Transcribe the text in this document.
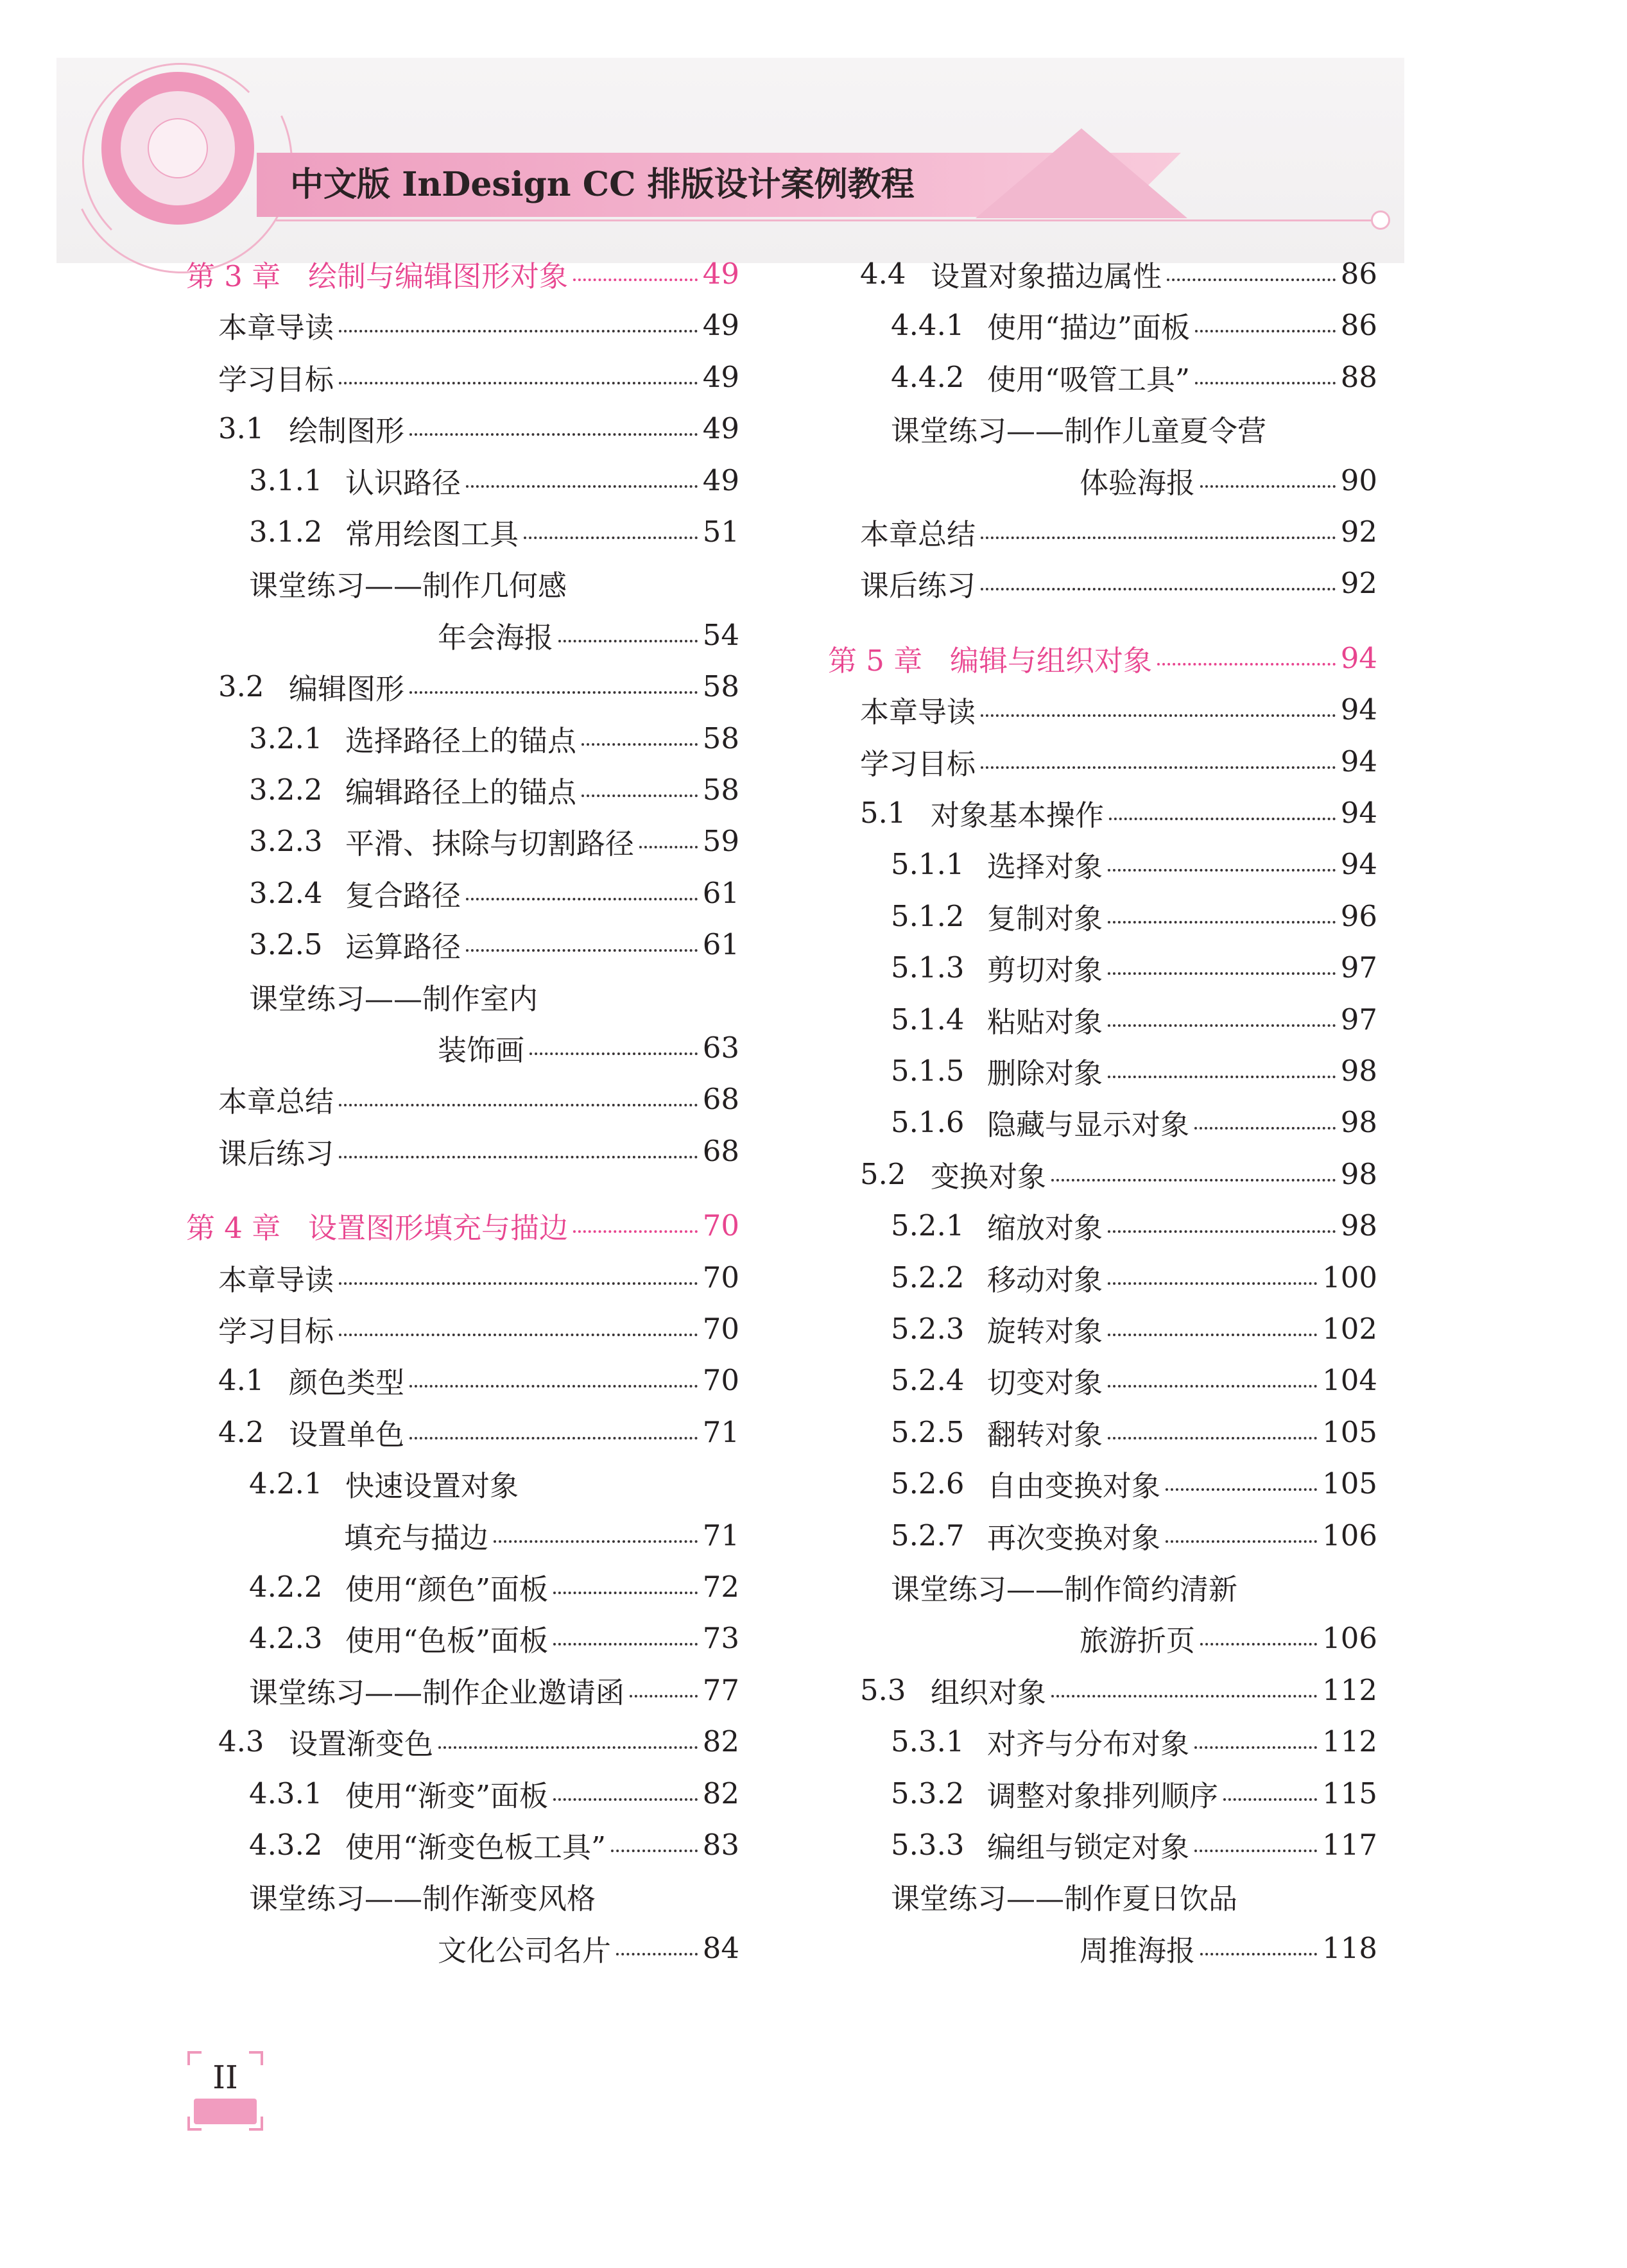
中文版 InDesign CC 排版设计案例教程
第 3 章 绘制与编辑图形对象	49
本章导读	49
学习目标	49
3.1 绘制图形	49
3.1.1 认识路径	49
3.1.2 常用绘图工具	51
课堂练习——制作几何感
年会海报	54
3.2 编辑图形	58
3.2.1 选择路径上的锚点	58
3.2.2 编辑路径上的锚点	58
3.2.3 平滑、抹除与切割路径 59
3.2.4 复合路径	61
3.2.5 运算路径	61
课堂练习——制作室内
装饰画	63
本章总结	68
课后练习	68
第 4 章 设置图形填充与描边	70
本章导读	70
学习目标	70
4.1 颜色类型	70
4.2 设置单色	71
4.2.1 快速设置对象
填充与描边	71
4.2.2 使用“颜色”面板	72
4.2.3 使用“色板”面板	73
课堂练习——制作企业邀请函	77
4.3 设置渐变色	82
4.3.1 使用“渐变”面板	82
4.3.2 使用“渐变色板工具”	83
课堂练习——制作渐变风格
文化公司名片	84
4.4 设置对象描边属性	86
4.4.1 使用“描边”面板	86
4.4.2 使用“吸管工具”	88
课堂练习——制作儿童夏令营
体验海报	90
本章总结	92
课后练习	92
第 5 章 编辑与组织对象	94
本章导读	94
学习目标	94
5.1 对象基本操作	94
5.1.1 选择对象	94
5.1.2 复制对象	96
5.1.3 剪切对象	97
5.1.4 粘贴对象	97
5.1.5 删除对象	98
5.1.6 隐藏与显示对象	98
5.2 变换对象	98
5.2.1 缩放对象	98
5.2.2 移动对象	100
5.2.3 旋转对象	102
5.2.4 切变对象	104
5.2.5 翻转对象	105
5.2.6 自由变换对象	105
5.2.7 再次变换对象	106
课堂练习——制作简约清新
旅游折页	106
5.3 组织对象	112
5.3.1 对齐与分布对象	112
5.3.2 调整对象排列顺序	115
5.3.3 编组与锁定对象	117
课堂练习——制作夏日饮品
周推海报	118
II
